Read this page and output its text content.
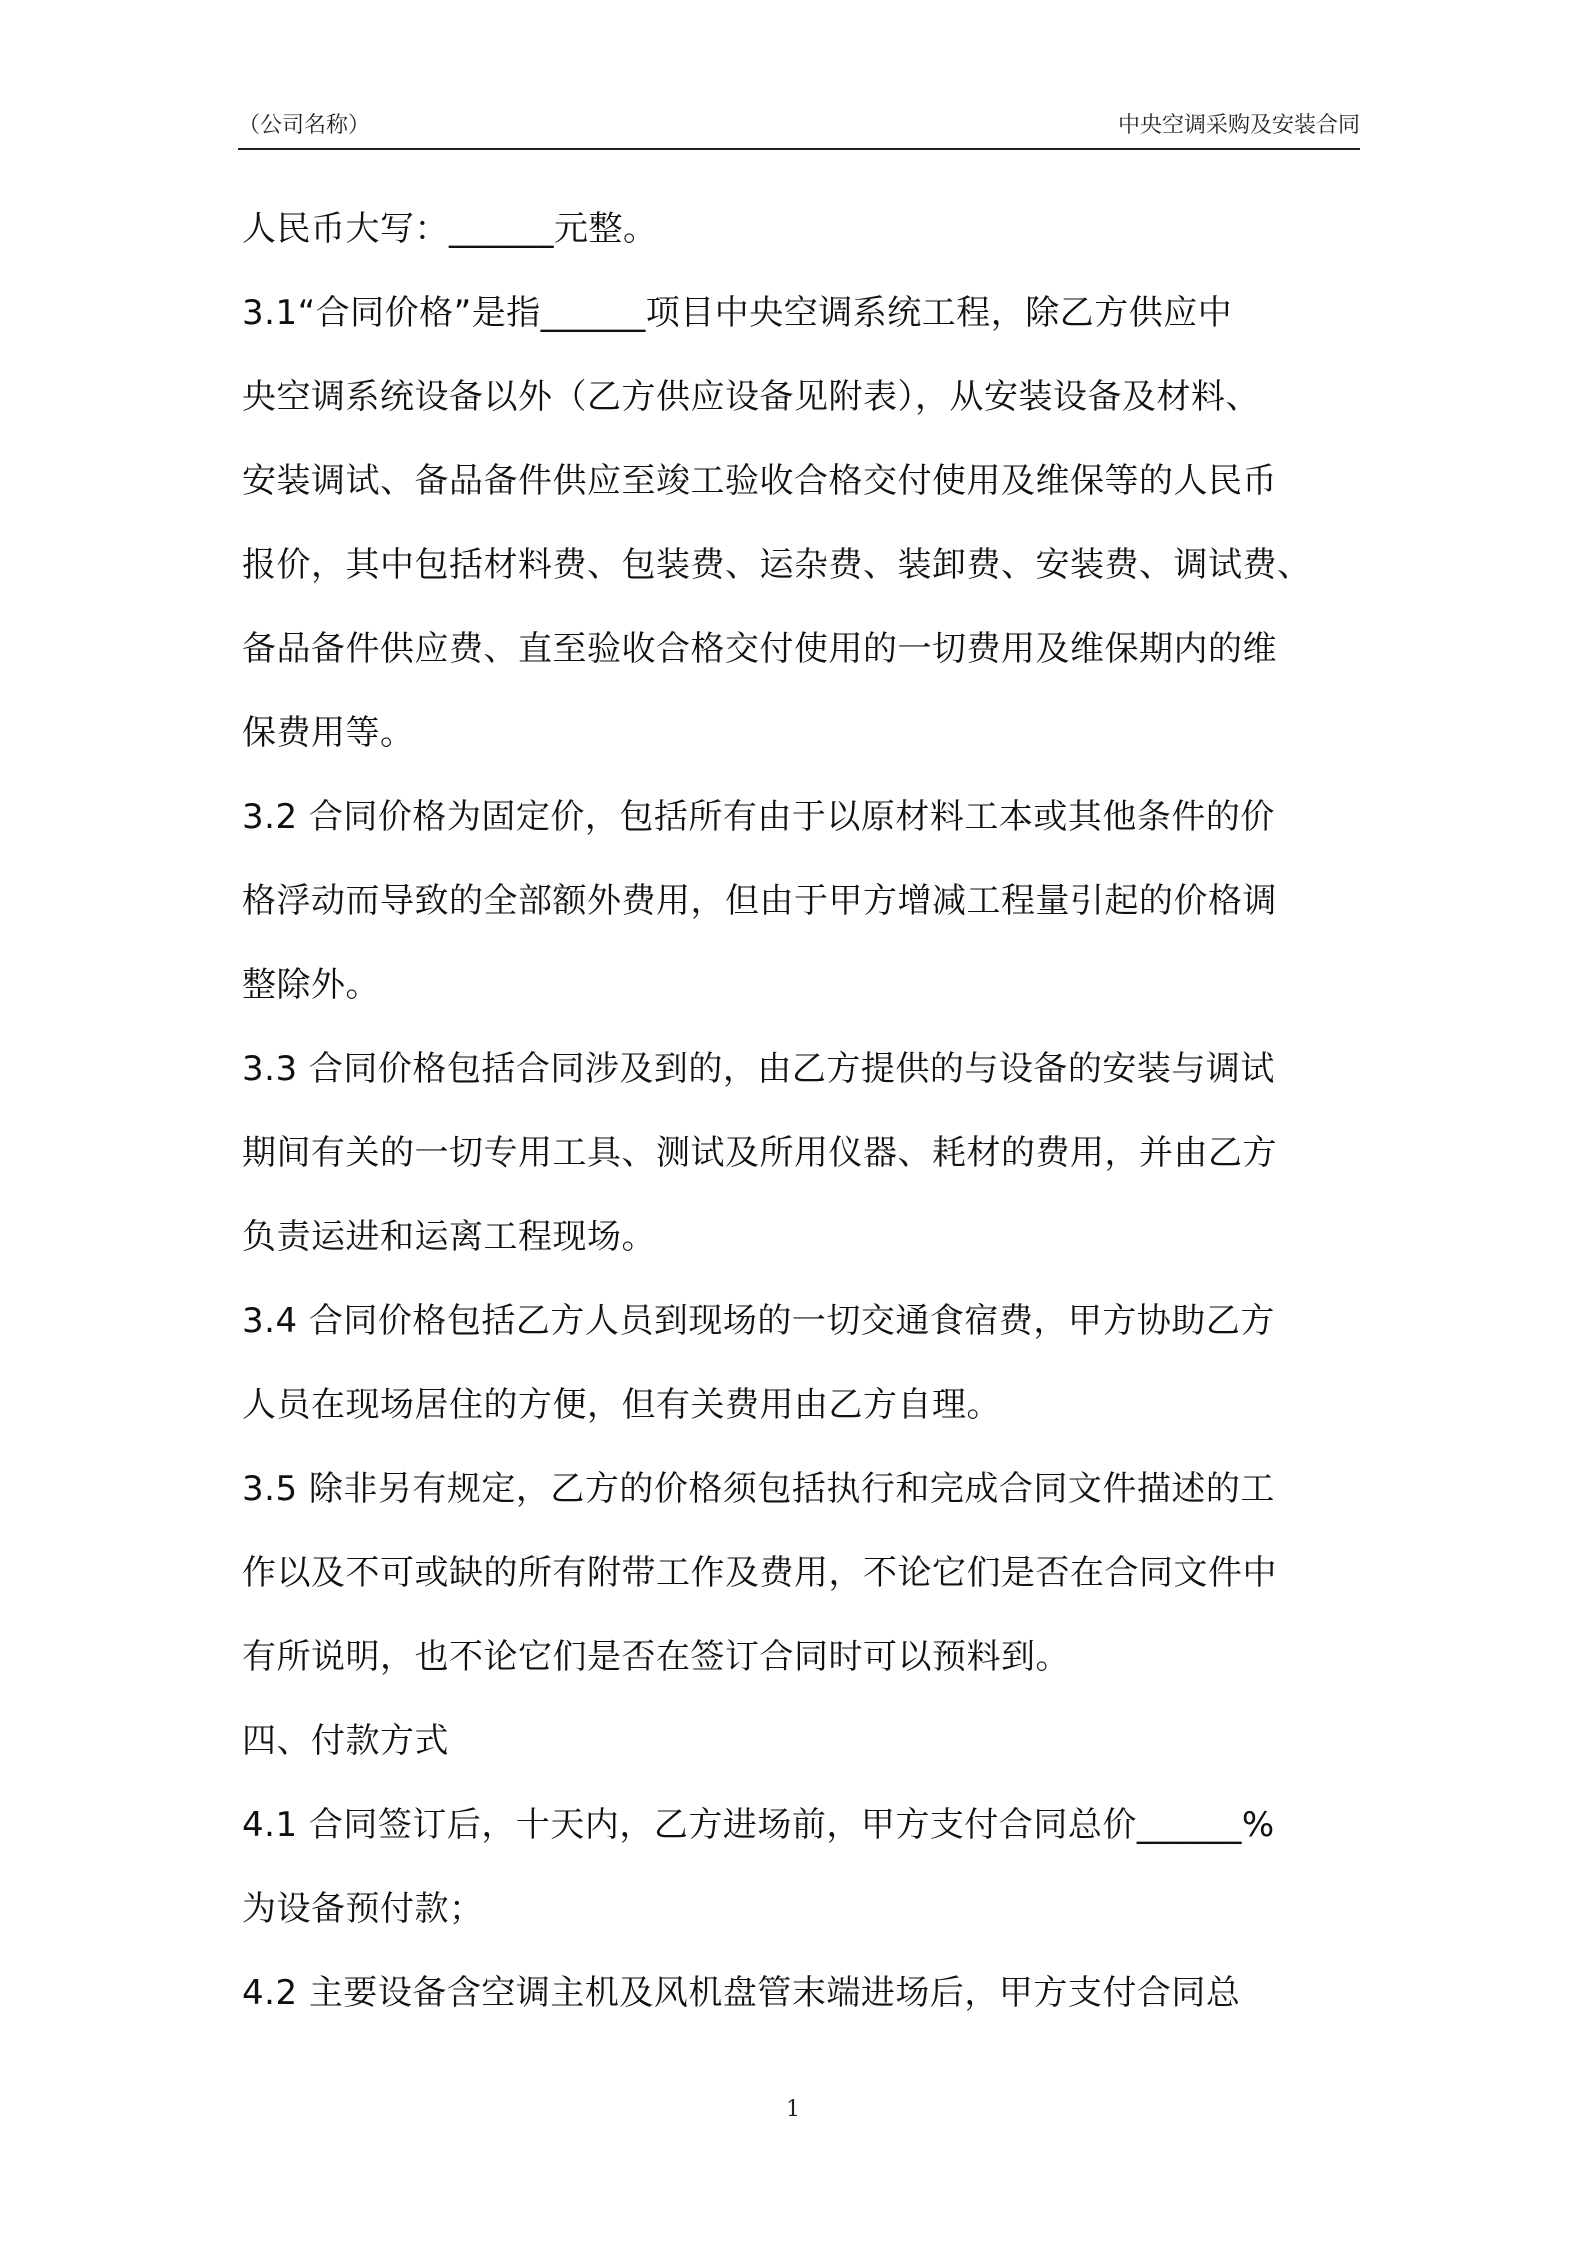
（公司名称）	中央空调采购及安装合同
人民币大写：______元整。
3.1“合同价格”是指______项目中央空调系统工程，除乙方供应中
央空调系统设备以外（乙方供应设备见附表），从安装设备及材料、
安装调试、备品备件供应至竣工验收合格交付使用及维保等的人民币
报价，其中包括材料费、包装费、运杂费、装卸费、安装费、调试费、
备品备件供应费、直至验收合格交付使用的一切费用及维保期内的维
保费用等。
3.2 合同价格为固定价，包括所有由于以原材料工本或其他条件的价
格浮动而导致的全部额外费用，但由于甲方增减工程量引起的价格调
整除外。
3.3 合同价格包括合同涉及到的，由乙方提供的与设备的安装与调试
期间有关的一切专用工具、测试及所用仪器、耗材的费用，并由乙方
负责运进和运离工程现场。
3.4 合同价格包括乙方人员到现场的一切交通食宿费，甲方协助乙方
人员在现场居住的方便，但有关费用由乙方自理。
3.5 除非另有规定，乙方的价格须包括执行和完成合同文件描述的工
作以及不可或缺的所有附带工作及费用，不论它们是否在合同文件中
有所说明，也不论它们是否在签订合同时可以预料到。
四、付款方式
4.1 合同签订后，十天内，乙方进场前，甲方支付合同总价______%
为设备预付款；
4.2 主要设备含空调主机及风机盘管末端进场后，甲方支付合同总
1
